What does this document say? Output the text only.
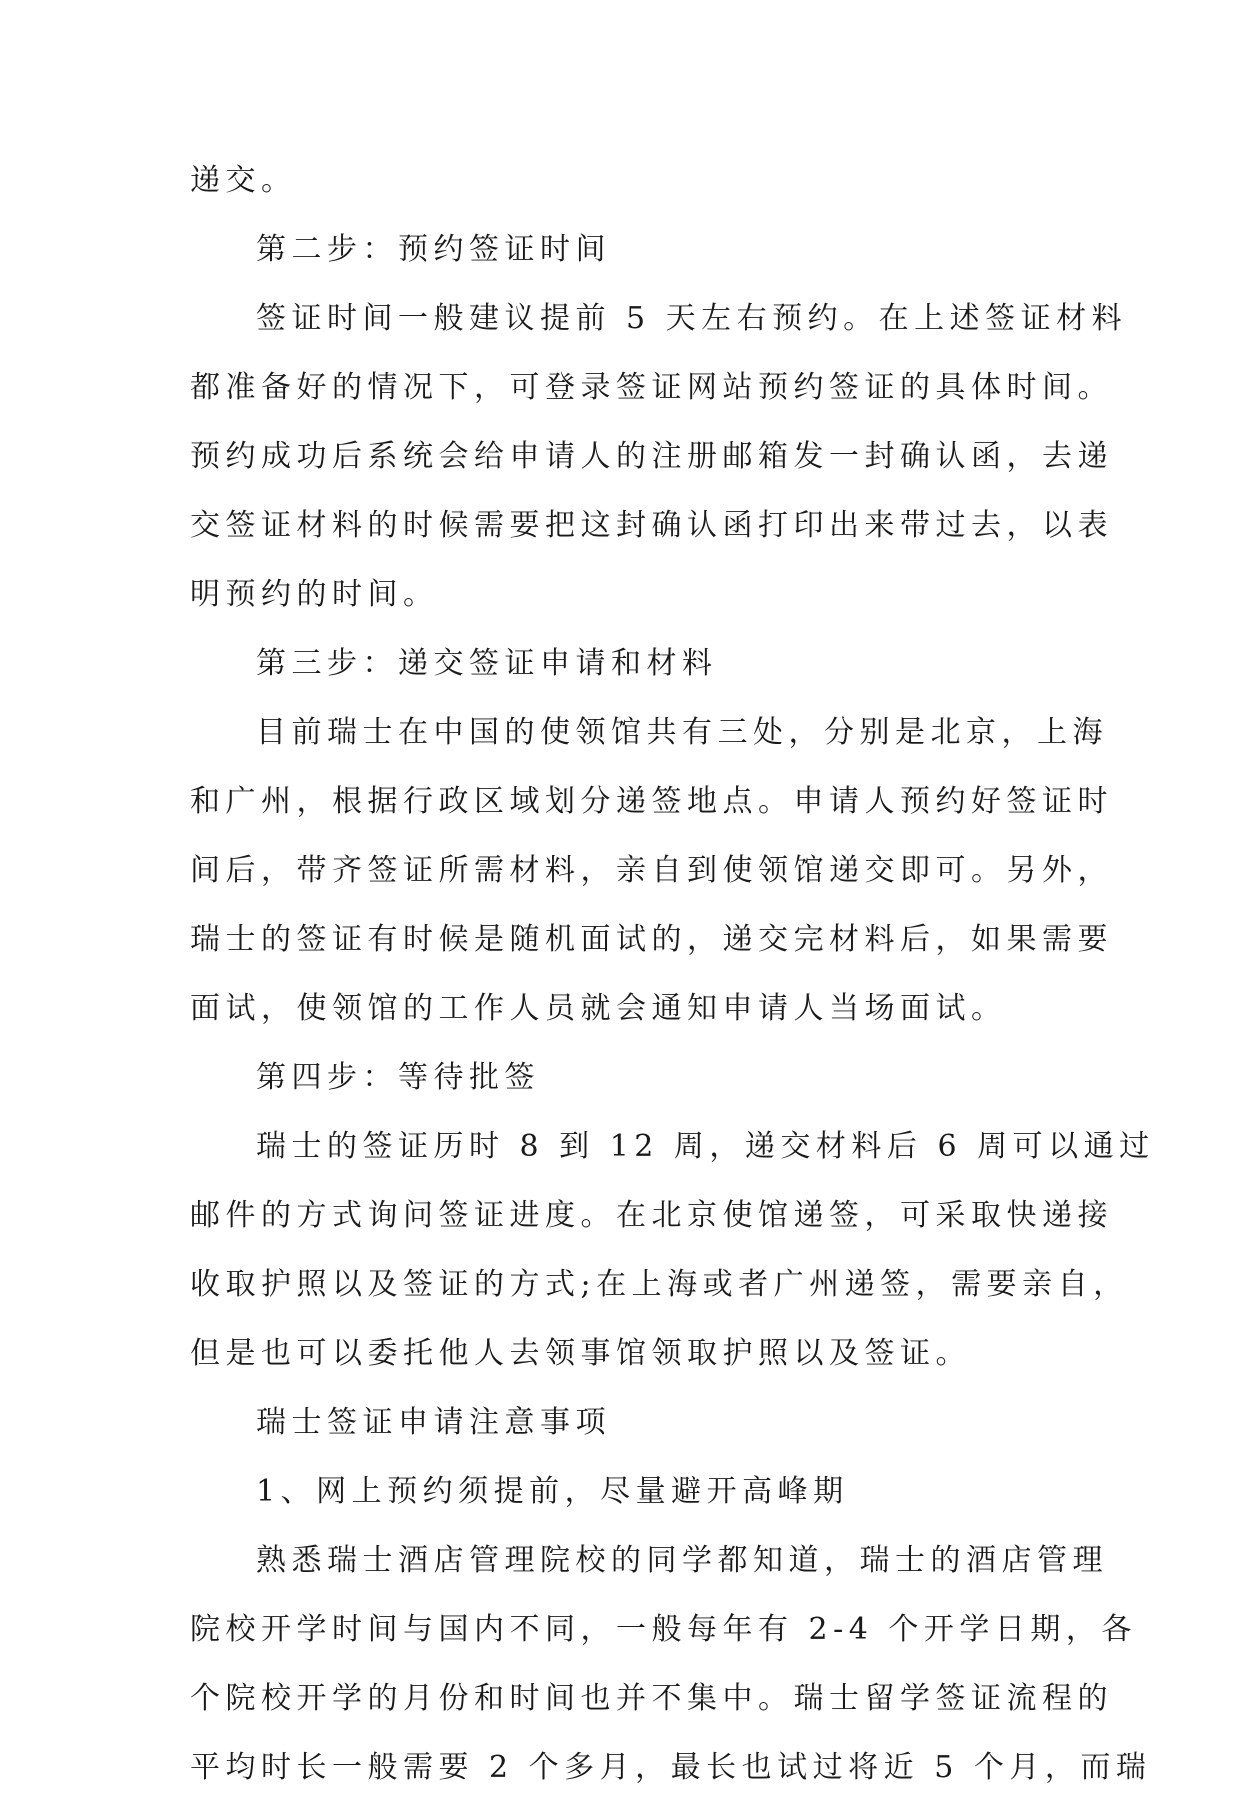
递交。
第二步：预约签证时间
签证时间一般建议提前 5 天左右预约。在上述签证材料
都准备好的情况下，可登录签证网站预约签证的具体时间。
预约成功后系统会给申请人的注册邮箱发一封确认函，去递
交签证材料的时候需要把这封确认函打印出来带过去，以表
明预约的时间。
第三步：递交签证申请和材料
目前瑞士在中国的使领馆共有三处，分别是北京，上海
和广州，根据行政区域划分递签地点。申请人预约好签证时
间后，带齐签证所需材料，亲自到使领馆递交即可。另外，
瑞士的签证有时候是随机面试的，递交完材料后，如果需要
面试，使领馆的工作人员就会通知申请人当场面试。
第四步：等待批签
瑞士的签证历时 8 到 12 周，递交材料后 6 周可以通过
邮件的方式询问签证进度。在北京使馆递签，可采取快递接
收取护照以及签证的方式;在上海或者广州递签，需要亲自，
但是也可以委托他人去领事馆领取护照以及签证。
瑞士签证申请注意事项
1、网上预约须提前，尽量避开高峰期
熟悉瑞士酒店管理院校的同学都知道，瑞士的酒店管理
院校开学时间与国内不同，一般每年有 2-4 个开学日期，各
个院校开学的月份和时间也并不集中。瑞士留学签证流程的
平均时长一般需要 2 个多月，最长也试过将近 5 个月，而瑞
